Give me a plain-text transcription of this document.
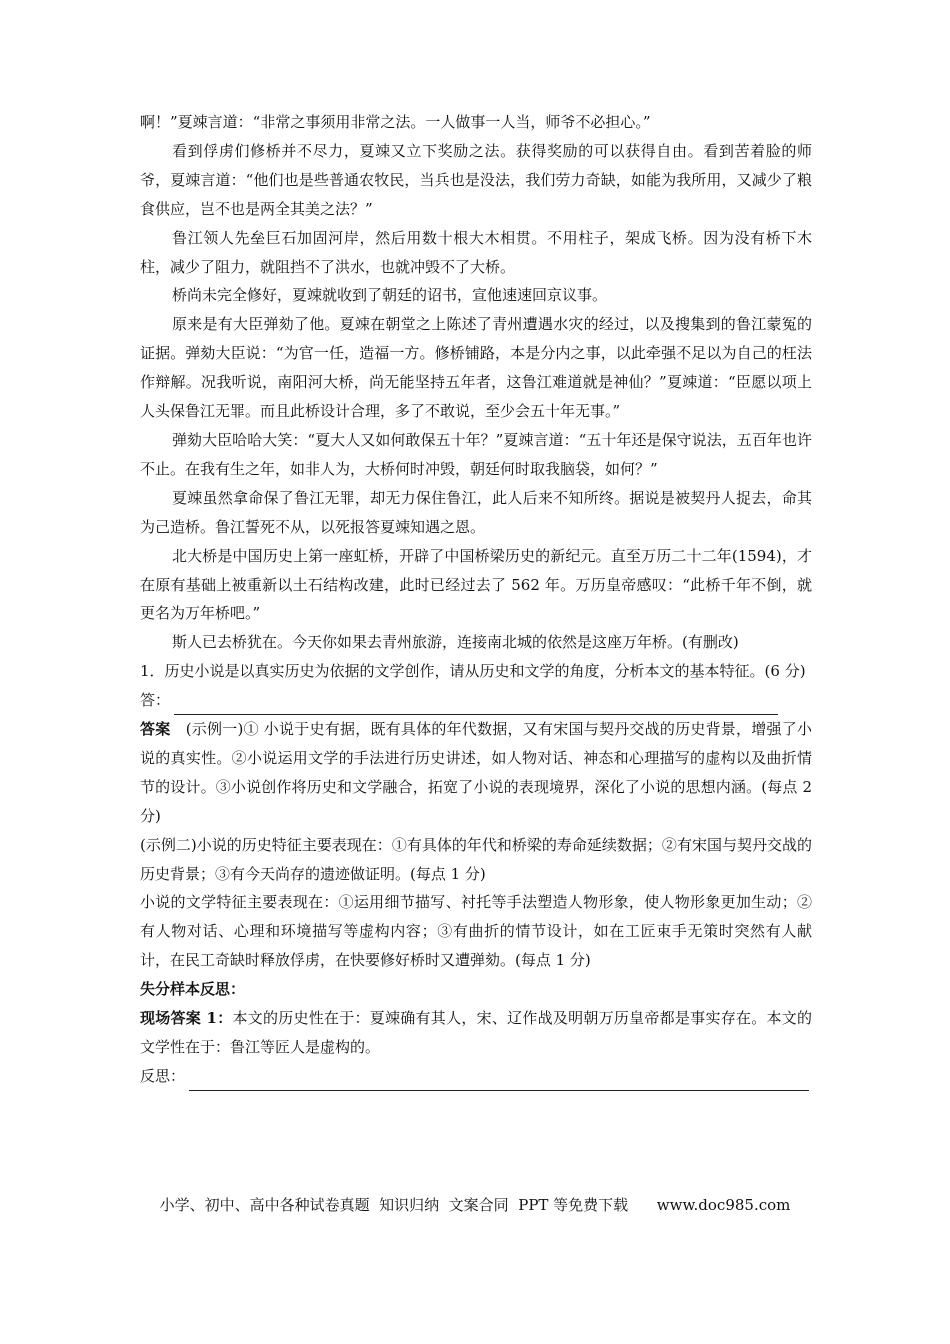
啊！”夏竦言道：“非常之事须用非常之法。一人做事一人当，师爷不必担心。”

看到俘虏们修桥并不尽力，夏竦又立下奖励之法。获得奖励的可以获得自由。看到苦着脸的师爷，夏竦言道：“他们也是些普通农牧民，当兵也是没法，我们劳力奇缺，如能为我所用，又减少了粮食供应，岂不也是两全其美之法？”

鲁江领人先垒巨石加固河岸，然后用数十根大木相贯。不用柱子，架成飞桥。因为没有桥下木柱，减少了阻力，就阻挡不了洪水，也就冲毁不了大桥。

桥尚未完全修好，夏竦就收到了朝廷的诏书，宣他速速回京议事。

原来是有大臣弹劾了他。夏竦在朝堂之上陈述了青州遭遇水灾的经过，以及搜集到的鲁江蒙冤的证据。弹劾大臣说：“为官一任，造福一方。修桥铺路，本是分内之事，以此牵强不足以为自己的枉法作辩解。况我听说，南阳河大桥，尚无能坚持五年者，这鲁江难道就是神仙？”夏竦道：“臣愿以项上人头保鲁江无罪。而且此桥设计合理，多了不敢说，至少会五十年无事。”

弹劾大臣哈哈大笑：“夏大人又如何敢保五十年？”夏竦言道：“五十年还是保守说法，五百年也许不止。在我有生之年，如非人为，大桥何时冲毁，朝廷何时取我脑袋，如何？”

夏竦虽然拿命保了鲁江无罪，却无力保住鲁江，此人后来不知所终。据说是被契丹人捉去，命其为己造桥。鲁江誓死不从，以死报答夏竦知遇之恩。

北大桥是中国历史上第一座虹桥，开辟了中国桥梁历史的新纪元。直至万历二十二年(1594)，才在原有基础上被重新以土石结构改建，此时已经过去了 562 年。万历皇帝感叹：“此桥千年不倒，就更名为万年桥吧。”

斯人已去桥犹在。今天你如果去青州旅游，连接南北城的依然是这座万年桥。(有删改)

1．历史小说是以真实历史为依据的文学创作，请从历史和文学的角度，分析本文的基本特征。(6 分)

答：

答案　(示例一)① 小说于史有据，既有具体的年代数据，又有宋国与契丹交战的历史背景，增强了小说的真实性。②小说运用文学的手法进行历史讲述，如人物对话、神态和心理描写的虚构以及曲折情节的设计。③小说创作将历史和文学融合，拓宽了小说的表现境界，深化了小说的思想内涵。(每点 2 分)

(示例二)小说的历史特征主要表现在：①有具体的年代和桥梁的寿命延续数据；②有宋国与契丹交战的历史背景；③有今天尚存的遗迹做证明。(每点 1 分)

小说的文学特征主要表现在：①运用细节描写、衬托等手法塑造人物形象，使人物形象更加生动；②有人物对话、心理和环境描写等虚构内容；③有曲折的情节设计，如在工匠束手无策时突然有人献计，在民工奇缺时释放俘虏，在快要修好桥时又遭弹劾。(每点 1 分)

失分样本反思：

现场答案 1：本文的历史性在于：夏竦确有其人，宋、辽作战及明朝万历皇帝都是事实存在。本文的文学性在于：鲁江等匠人是虚构的。

反思：

小学、初中、高中各种试卷真题  知识归纳  文案合同  PPT 等免费下载 www.doc985.com
